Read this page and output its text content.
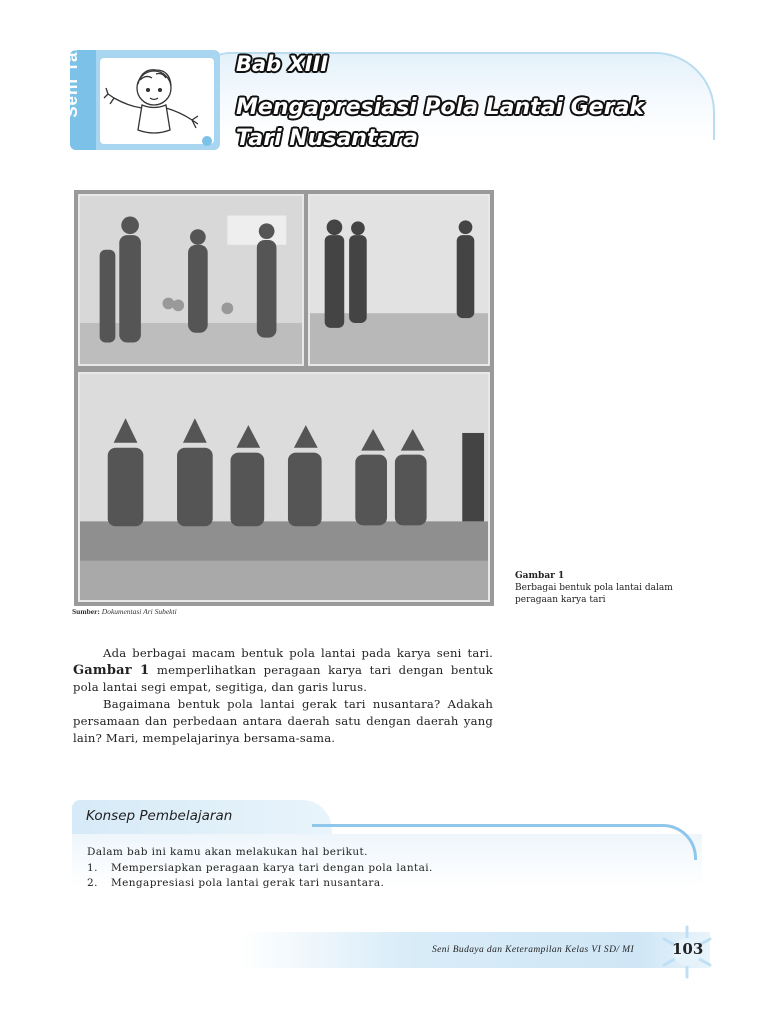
Seni Tari	Bab XIII
Mengapresiasi Pola Lantai Gerak Tari Nusantara
Sumber: Dokumentasi Ari Subekti
Gambar 1
Berbagai bentuk pola lantai dalam peragaan karya tari

Ada berbagai macam bentuk pola lantai pada karya seni tari. Gambar 1 memperlihatkan peragaan karya tari dengan bentuk pola lantai segi empat, segitiga, dan garis lurus.

Bagaimana bentuk pola lantai gerak tari nusantara? Adakah persamaan dan perbedaan antara daerah satu dengan daerah yang lain? Mari, mempelajarinya bersama-sama.

Konsep Pembelajaran
Dalam bab ini kamu akan melakukan hal berikut.
1. Mempersiapkan peragaan karya tari dengan pola lantai.
2. Mengapresiasi pola lantai gerak tari nusantara.
Seni Budaya dan Keterampilan Kelas VI SD/ MI	103
